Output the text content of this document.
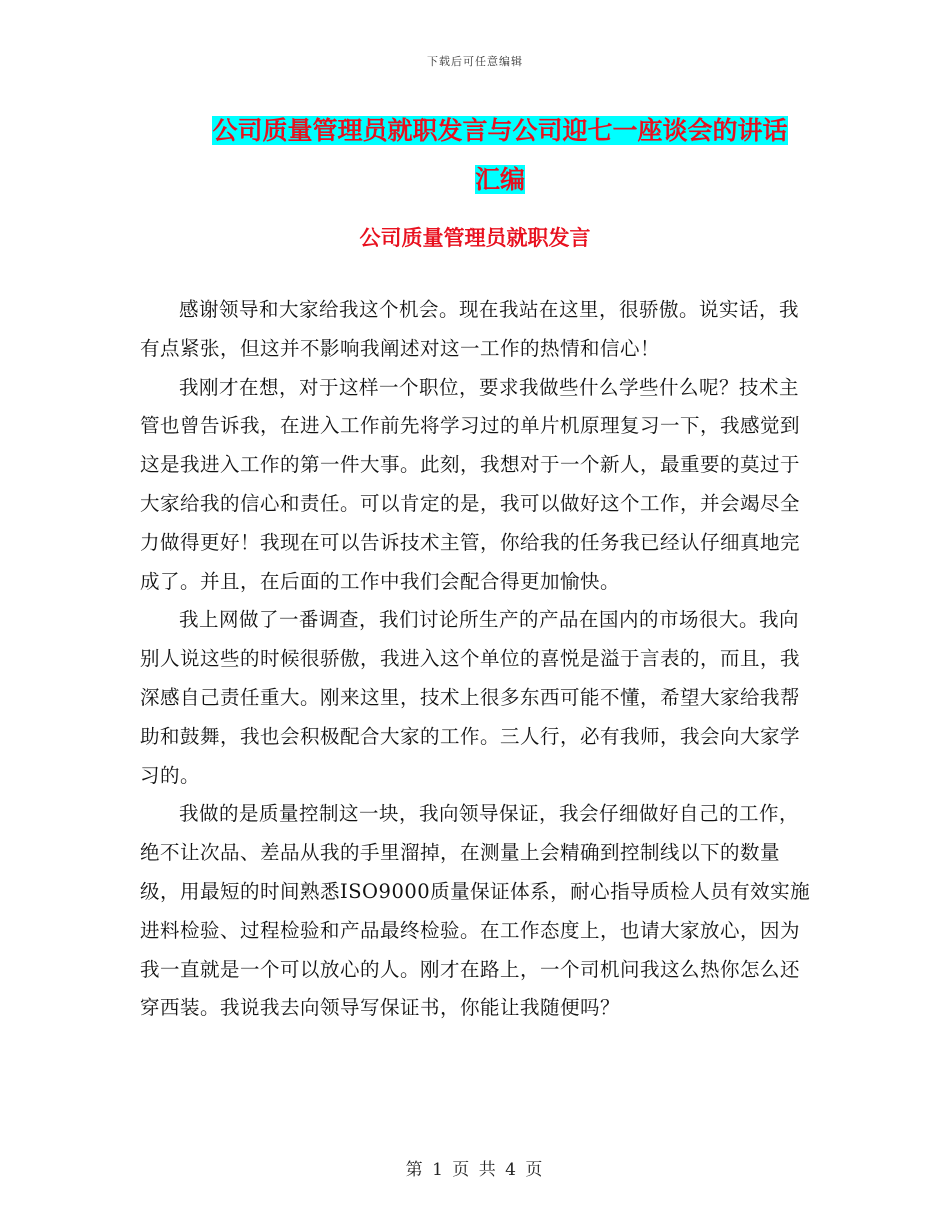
下载后可任意编辑
公司质量管理员就职发言与公司迎七一座谈会的讲话
汇编
公司质量管理员就职发言

感谢领导和大家给我这个机会。现在我站在这里，很骄傲。说实话，我有点紧张，但这并不影响我阐述对这一工作的热情和信心！

我刚才在想，对于这样一个职位，要求我做些什么学些什么呢？技术主管也曾告诉我，在进入工作前先将学习过的单片机原理复习一下，我感觉到这是我进入工作的第一件大事。此刻，我想对于一个新人，最重要的莫过于大家给我的信心和责任。可以肯定的是，我可以做好这个工作，并会竭尽全力做得更好！我现在可以告诉技术主管，你给我的任务我已经认仔细真地完成了。并且，在后面的工作中我们会配合得更加愉快。

我上网做了一番调查，我们讨论所生产的产品在国内的市场很大。我向别人说这些的时候很骄傲，我进入这个单位的喜悦是溢于言表的，而且，我深感自己责任重大。刚来这里，技术上很多东西可能不懂，希望大家给我帮助和鼓舞，我也会积极配合大家的工作。三人行，必有我师，我会向大家学习的。

我做的是质量控制这一块，我向领导保证，我会仔细做好自己的工作，绝不让次品、差品从我的手里溜掉，在测量上会精确到控制线以下的数量级，用最短的时间熟悉ISO9000质量保证体系，耐心指导质检人员有效实施进料检验、过程检验和产品最终检验。在工作态度上，也请大家放心，因为我一直就是一个可以放心的人。刚才在路上，一个司机问我这么热你怎么还穿西装。我说我去向领导写保证书，你能让我随便吗？

第 1 页 共 4 页
